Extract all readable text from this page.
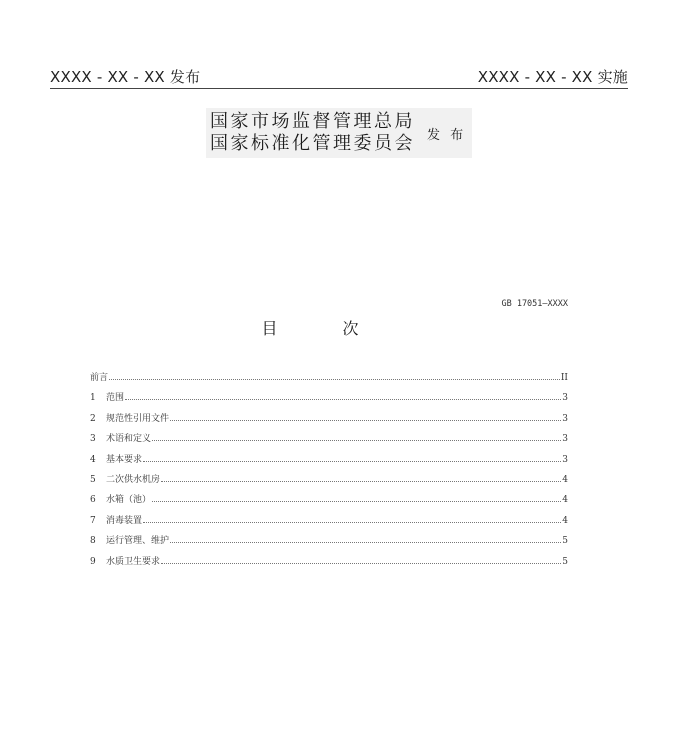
XXXX - XX - XX 发布	XXXX - XX - XX 实施
国家市场监督管理总局
国家标准化管理委员会 发 布
GB 17051—XXXX
目 次
前言	II
1	范围	3
2	规范性引用文件	3
3	术语和定义	3
4	基本要求	3
5	二次供水机房	4
6	水箱（池）	4
7	消毒装置	4
8	运行管理、维护	5
9	水质卫生要求	5
